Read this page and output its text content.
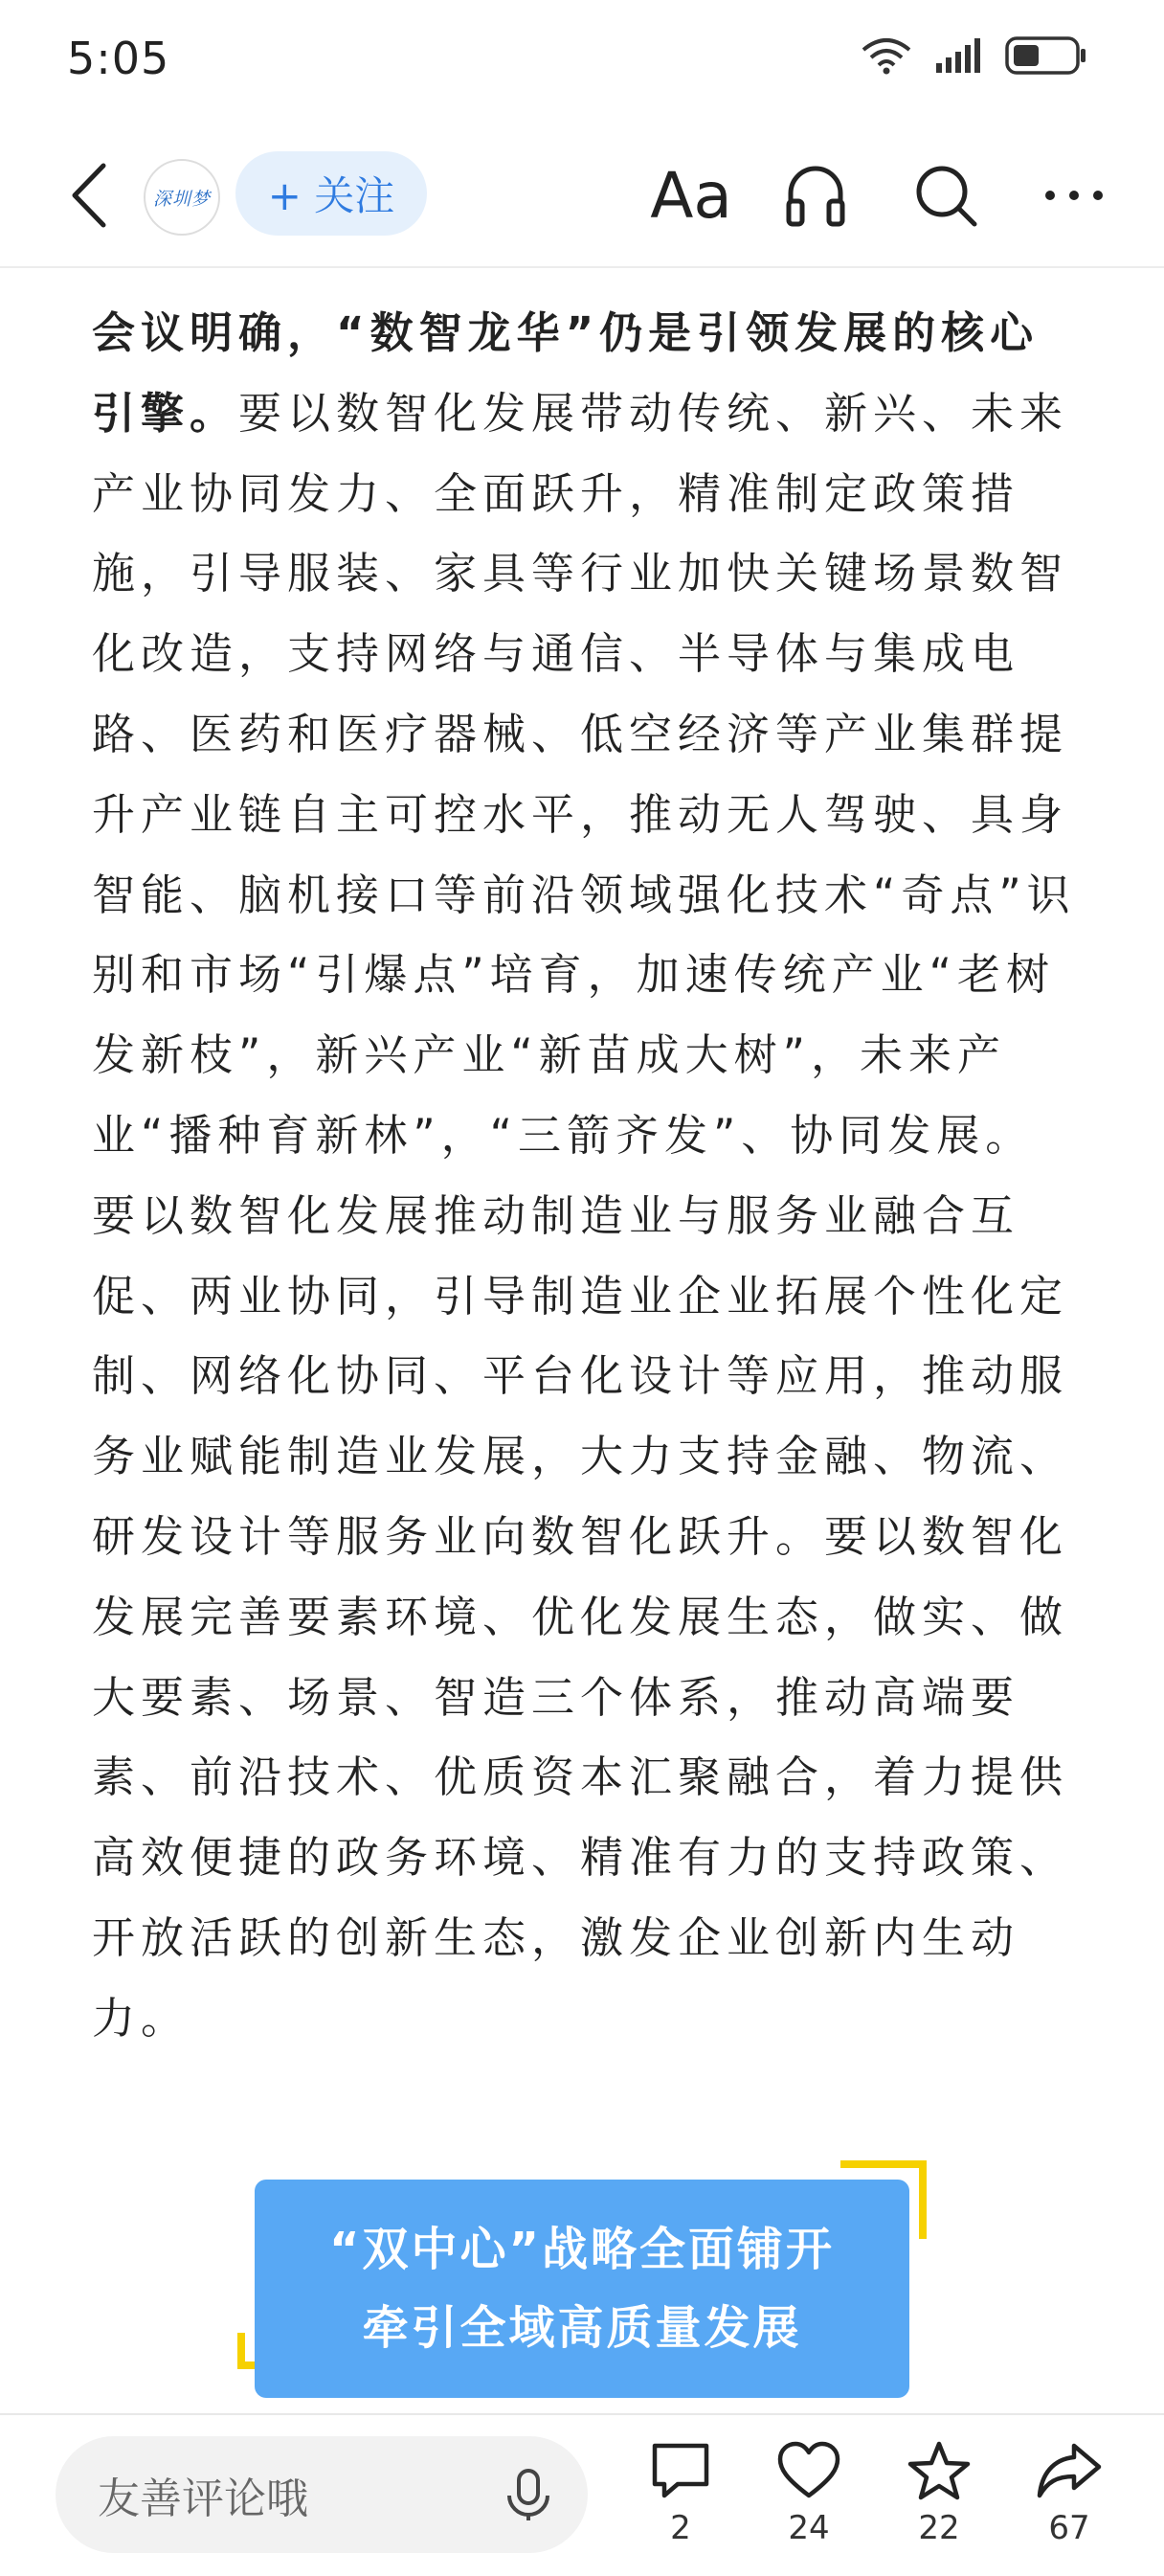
5:05
深圳梦	+ 关注	Aa

会议明确，“数智龙华”仍是引领发展的核心引擎。要以数智化发展带动传统、新兴、未来产业协同发力、全面跃升，精准制定政策措施，引导服装、家具等行业加快关键场景数智化改造，支持网络与通信、半导体与集成电路、医药和医疗器械、低空经济等产业集群提升产业链自主可控水平，推动无人驾驶、具身智能、脑机接口等前沿领域强化技术“奇点”识别和市场“引爆点”培育，加速传统产业“老树发新枝”，新兴产业“新苗成大树”，未来产业“播种育新林”，“三箭齐发”、协同发展。要以数智化发展推动制造业与服务业融合互促、两业协同，引导制造业企业拓展个性化定制、网络化协同、平台化设计等应用，推动服务业赋能制造业发展，大力支持金融、物流、研发设计等服务业向数智化跃升。要以数智化发展完善要素环境、优化发展生态，做实、做大要素、场景、智造三个体系，推动高端要素、前沿技术、优质资本汇聚融合，着力提供高效便捷的政务环境、精准有力的支持政策、开放活跃的创新生态，激发企业创新内生动力。

“双中心”战略全面铺开
牵引全域高质量发展
友善评论哦
2	24	22	67
